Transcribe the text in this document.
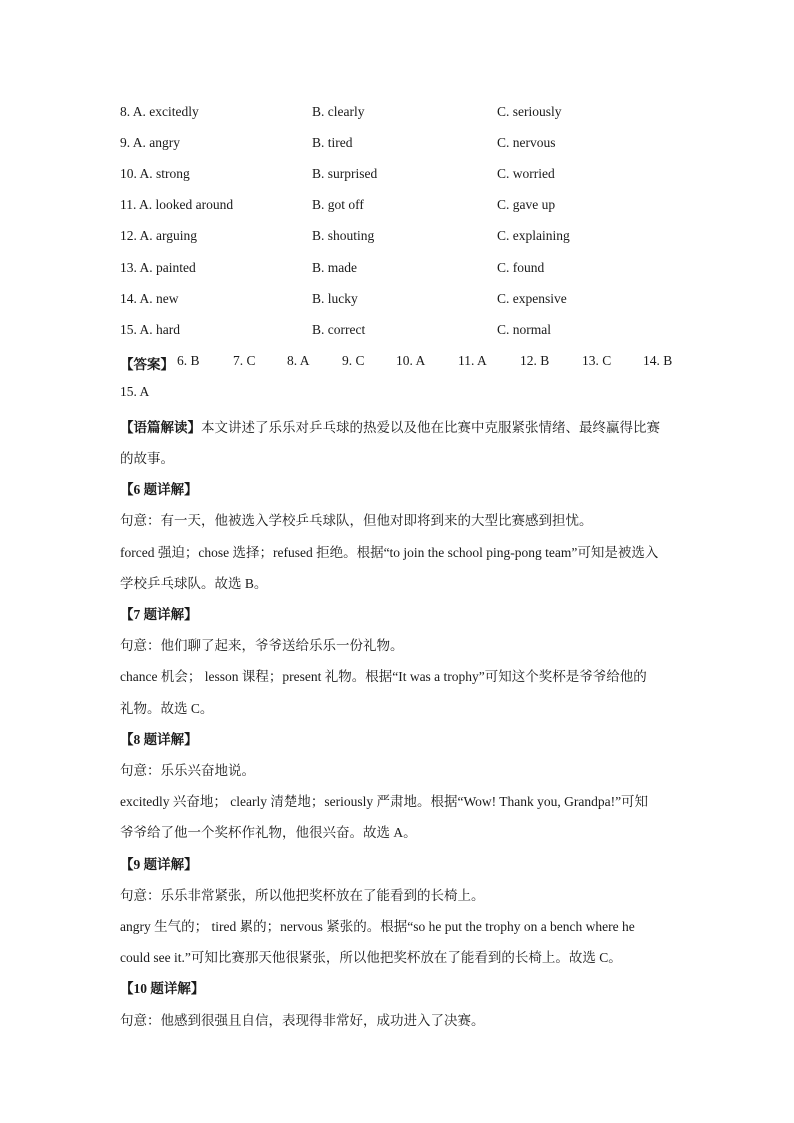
8. A. excitedly	B. clearly	C. seriously
9. A. angry	B. tired	C. nervous
10. A. strong	B. surprised	C. worried
11. A. looked around	B. got off	C. gave up
12. A. arguing	B. shouting	C. explaining
13. A. painted	B. made	C. found
14. A. new	B. lucky	C. expensive
15. A. hard	B. correct	C. normal
【答案】 6. B 7. C 8. A 9. C 10. A 11. A 12. B 13. C 14. B
15. A
【语篇解读】本文讲述了乐乐对乒乓球的热爱以及他在比赛中克服紧张情绪、最终赢得比赛
的故事。
【6 题详解】
句意：有一天，他被选入学校乒乓球队，但他对即将到来的大型比赛感到担忧。
forced 强迫；chose 选择；refused 拒绝。根据“to join the school ping-pong team”可知是被选入
学校乒乓球队。故选 B。
【7 题详解】
句意：他们聊了起来，爷爷送给乐乐一份礼物。
chance 机会； lesson 课程；present 礼物。根据“It was a trophy”可知这个奖杯是爷爷给他的
礼物。故选 C。
【8 题详解】
句意：乐乐兴奋地说。
excitedly 兴奋地； clearly 清楚地；seriously 严肃地。根据“Wow! Thank you, Grandpa!”可知
爷爷给了他一个奖杯作礼物，他很兴奋。故选 A。
【9 题详解】
句意：乐乐非常紧张，所以他把奖杯放在了能看到的长椅上。
angry 生气的； tired 累的；nervous 紧张的。根据“so he put the trophy on a bench where he
could see it.”可知比赛那天他很紧张，所以他把奖杯放在了能看到的长椅上。故选 C。
【10 题详解】
句意：他感到很强且自信，表现得非常好，成功进入了决赛。
